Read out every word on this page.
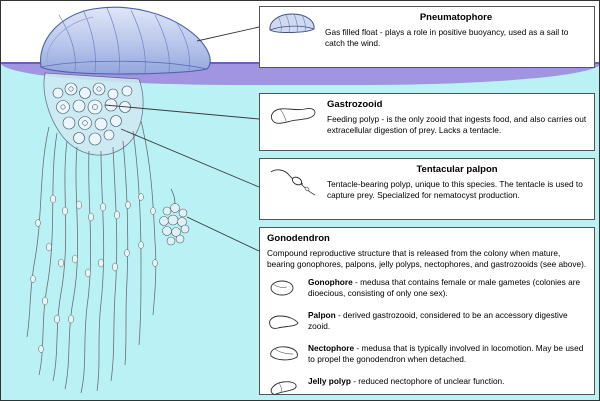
Pneumatophore

Gas filled float - plays a role in positive buoyancy, used as a sail to catch the wind.

Gastrozooid

Feeding polyp - is the only zooid that ingests food, and also carries out extracellular digestion of prey. Lacks a tentacle.

Tentacular palpon

Tentacle-bearing polyp, unique to this species. The tentacle is used to capture prey. Specialized for nematocyst production.

Gonodendron

Compound reproductive structure that is released from the colony when mature, bearing gonophores, palpons, jelly polyps, nectophores, and gastrozooids (see above).

Gonophore - medusa that contains female or male gametes (colonies are dioecious, consisting of only one sex).
Palpon - derived gastrozooid, considered to be an accessory digestive zooid.
Nectophore - medusa that is typically involved in locomotion. May be used to propel the gonodendron when detached.
Jelly polyp - reduced nectophore of unclear function.
